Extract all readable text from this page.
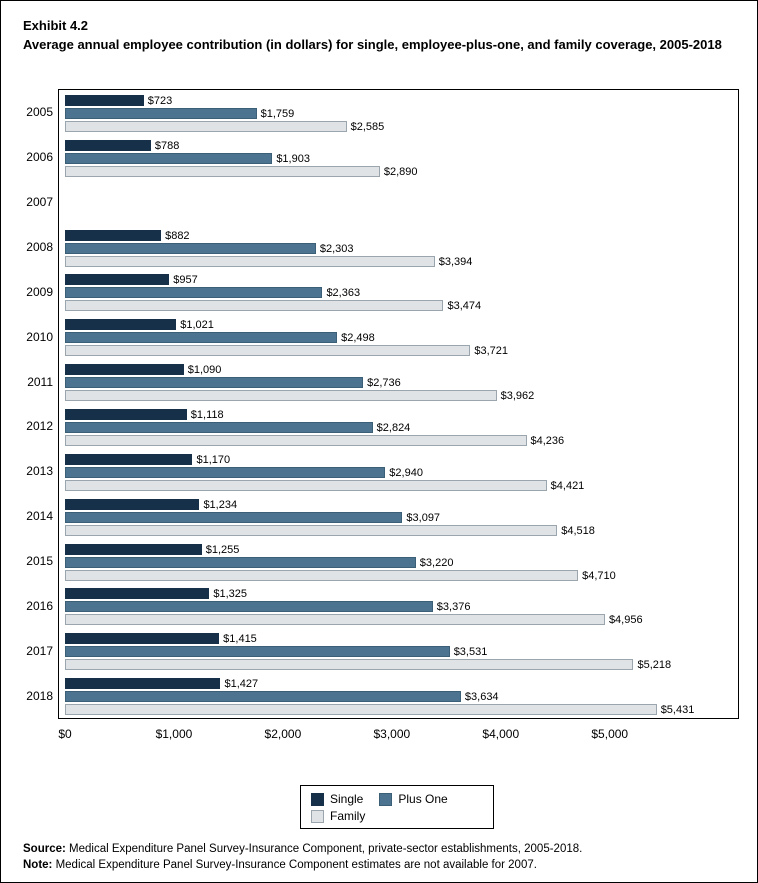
Exhibit 4.2
Average annual employee contribution (in dollars) for single, employee-plus-one, and family coverage, 2005-2018
2005
$723
$1,759
$2,585
2006
$788
$1,903
$2,890
2007
2008
$882
$2,303
$3,394
2009
$957
$2,363
$3,474
2010
$1,021
$2,498
$3,721
2011
$1,090
$2,736
$3,962
2012
$1,118
$2,824
$4,236
2013
$1,170
$2,940
$4,421
2014
$1,234
$3,097
$4,518
2015
$1,255
$3,220
$4,710
2016
$1,325
$3,376
$4,956
2017
$1,415
$3,531
$5,218
2018
$1,427
$3,634
$5,431
$0	$1,000	$2,000	$3,000	$4,000	$5,000
Single	Plus One
Family
Source: Medical Expenditure Panel Survey-Insurance Component, private-sector establishments, 2005-2018.
Note: Medical Expenditure Panel Survey-Insurance Component estimates are not available for 2007.
